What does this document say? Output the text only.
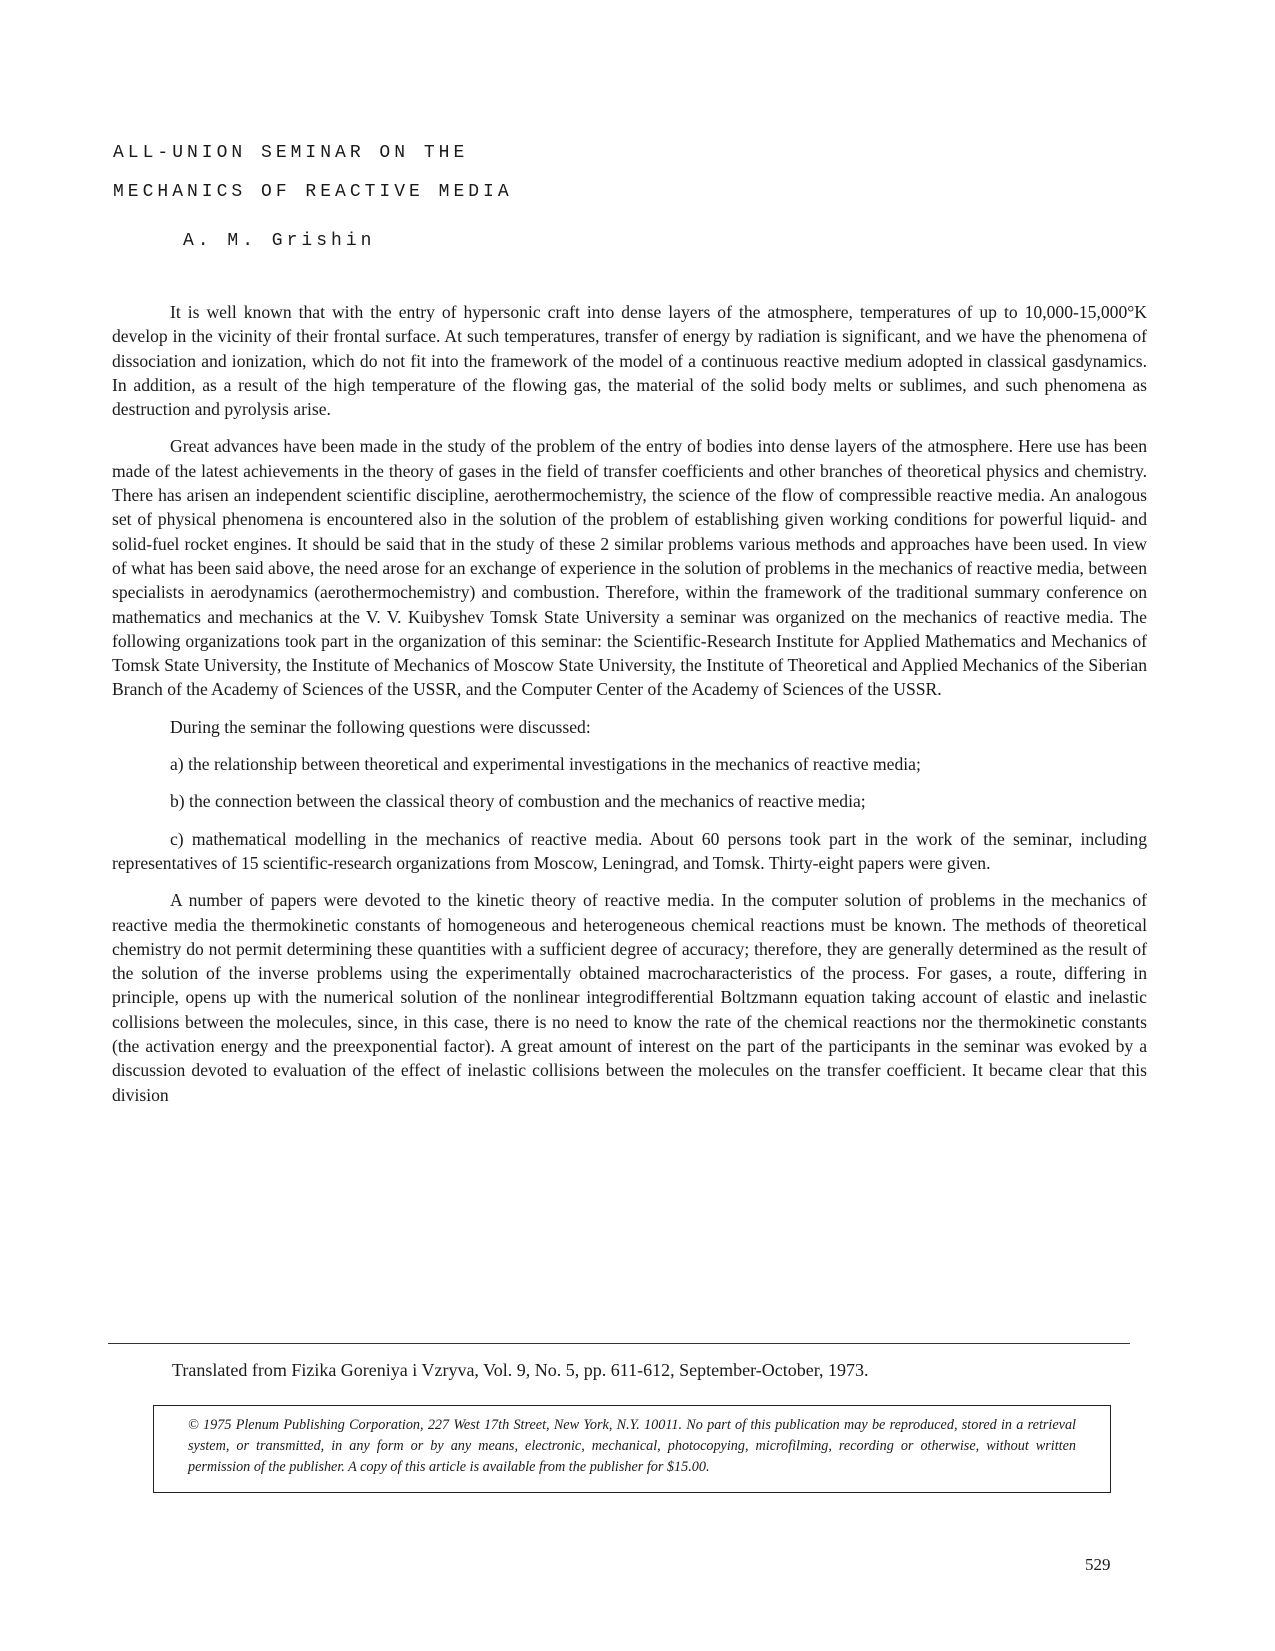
ALL-UNION SEMINAR ON THE
MECHANICS OF REACTIVE MEDIA

A. M. Grishin

It is well known that with the entry of hypersonic craft into dense layers of the atmosphere, temperatures of up to 10,000-15,000°K develop in the vicinity of their frontal surface. At such temperatures, transfer of energy by radiation is significant, and we have the phenomena of dissociation and ionization, which do not fit into the framework of the model of a continuous reactive medium adopted in classical gasdynamics. In addition, as a result of the high temperature of the flowing gas, the material of the solid body melts or sublimes, and such phenomena as destruction and pyrolysis arise.

Great advances have been made in the study of the problem of the entry of bodies into dense layers of the atmosphere. Here use has been made of the latest achievements in the theory of gases in the field of transfer coefficients and other branches of theoretical physics and chemistry. There has arisen an independent scientific discipline, aerothermochemistry, the science of the flow of compressible reactive media. An analogous set of physical phenomena is encountered also in the solution of the problem of establishing given working conditions for powerful liquid- and solid-fuel rocket engines. It should be said that in the study of these 2 similar problems various methods and approaches have been used. In view of what has been said above, the need arose for an exchange of experience in the solution of problems in the mechanics of reactive media, between specialists in aerodynamics (aerothermochemistry) and combustion. Therefore, within the framework of the traditional summary conference on mathematics and mechanics at the V. V. Kuibyshev Tomsk State University a seminar was organized on the mechanics of reactive media. The following organizations took part in the organization of this seminar: the Scientific-Research Institute for Applied Mathematics and Mechanics of Tomsk State University, the Institute of Mechanics of Moscow State University, the Institute of Theoretical and Applied Mechanics of the Siberian Branch of the Academy of Sciences of the USSR, and the Computer Center of the Academy of Sciences of the USSR.

During the seminar the following questions were discussed:

a) the relationship between theoretical and experimental investigations in the mechanics of reactive media;

b) the connection between the classical theory of combustion and the mechanics of reactive media;

c) mathematical modelling in the mechanics of reactive media. About 60 persons took part in the work of the seminar, including representatives of 15 scientific-research organizations from Moscow, Leningrad, and Tomsk. Thirty-eight papers were given.

A number of papers were devoted to the kinetic theory of reactive media. In the computer solution of problems in the mechanics of reactive media the thermokinetic constants of homogeneous and heterogeneous chemical reactions must be known. The methods of theoretical chemistry do not permit determining these quantities with a sufficient degree of accuracy; therefore, they are generally determined as the result of the solution of the inverse problems using the experimentally obtained macrocharacteristics of the process. For gases, a route, differing in principle, opens up with the numerical solution of the nonlinear integrodifferential Boltzmann equation taking account of elastic and inelastic collisions between the molecules, since, in this case, there is no need to know the rate of the chemical reactions nor the thermokinetic constants (the activation energy and the preexponential factor). A great amount of interest on the part of the participants in the seminar was evoked by a discussion devoted to evaluation of the effect of inelastic collisions between the molecules on the transfer coefficient. It became clear that this division

Translated from Fizika Goreniya i Vzryva, Vol. 9, No. 5, pp. 611-612, September-October, 1973.

© 1975 Plenum Publishing Corporation, 227 West 17th Street, New York, N.Y. 10011. No part of this publication may be reproduced, stored in a retrieval system, or transmitted, in any form or by any means, electronic, mechanical, photocopying, microfilming, recording or otherwise, without written permission of the publisher. A copy of this article is available from the publisher for $15.00.

529
